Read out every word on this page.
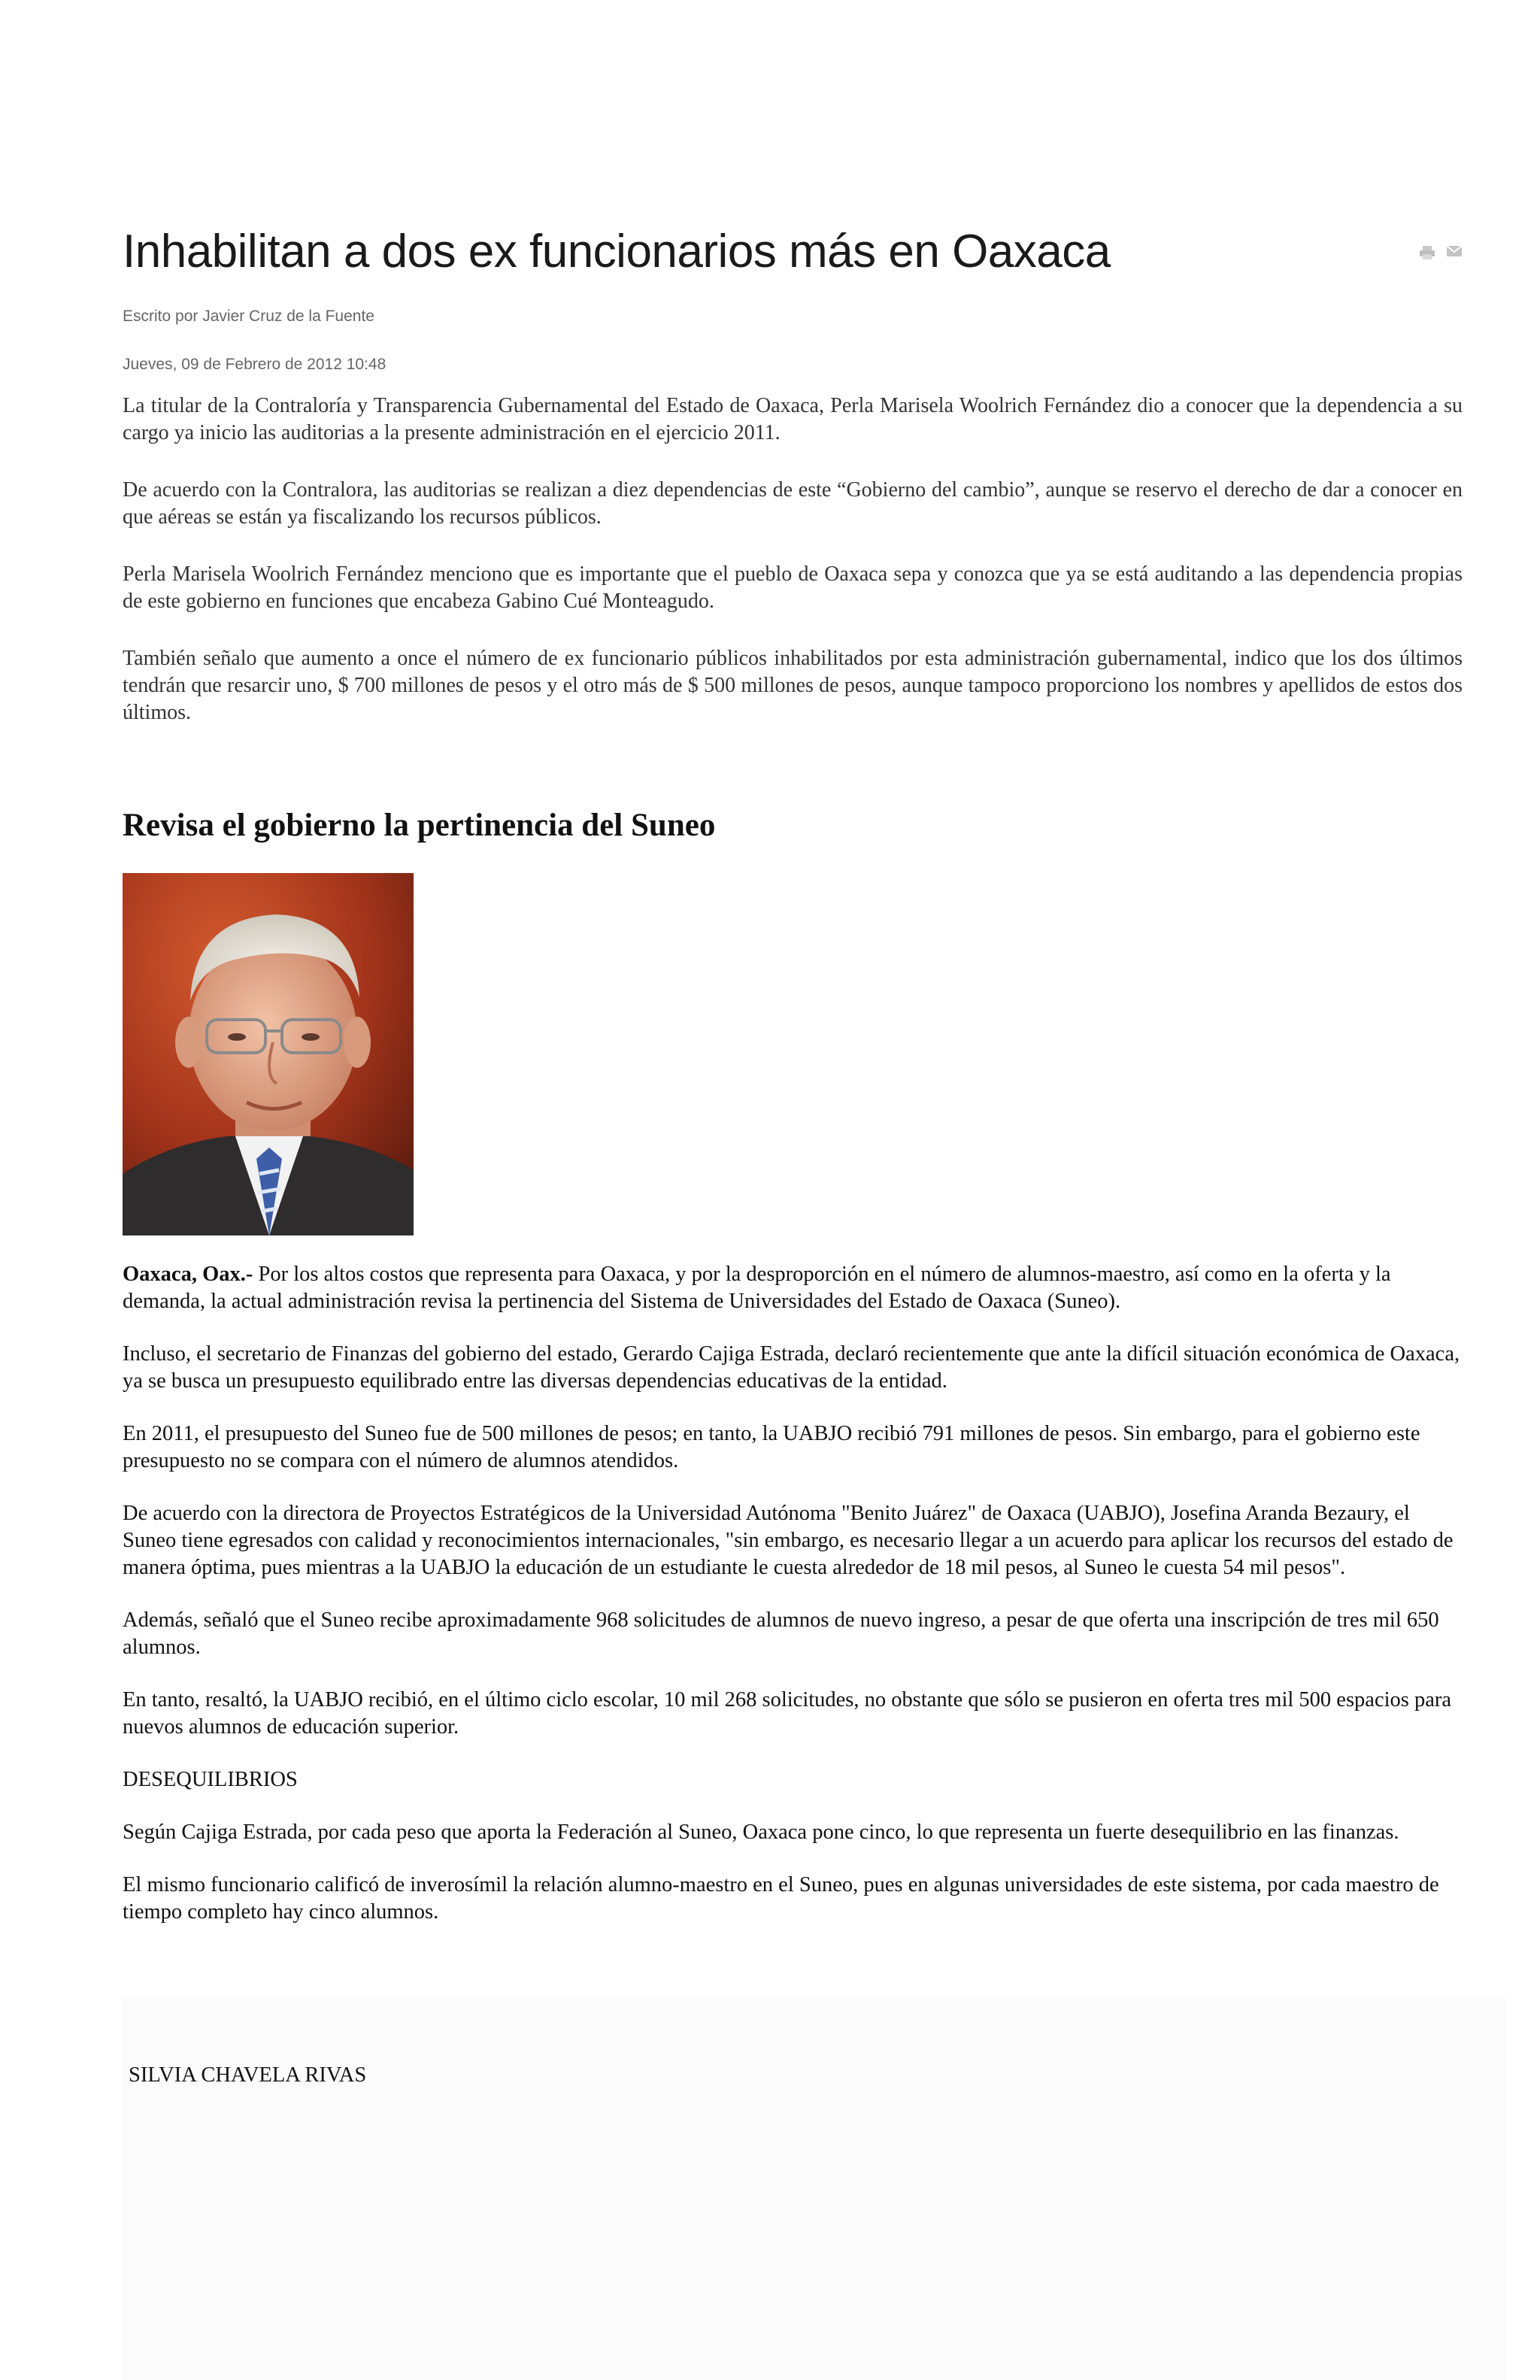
Inhabilitan a dos ex funcionarios más en Oaxaca
Escrito por Javier Cruz de la Fuente
Jueves, 09 de Febrero de 2012 10:48

La titular de la Contraloría y Transparencia Gubernamental del Estado de Oaxaca, Perla Marisela Woolrich Fernández dio a conocer que la dependencia a su cargo ya inicio las auditorias a la presente administración en el ejercicio 2011.

De acuerdo con la Contralora, las auditorias se realizan a diez dependencias de este “Gobierno del cambio”, aunque se reservo el derecho de dar a conocer en que aéreas se están ya fiscalizando los recursos públicos.

Perla Marisela Woolrich Fernández menciono que es importante que el pueblo de Oaxaca sepa y conozca que ya se está auditando a las dependencia propias de este gobierno en funciones que encabeza Gabino Cué Monteagudo.

También señalo que aumento a once el número de ex funcionario públicos inhabilitados por esta administración gubernamental, indico que los dos últimos tendrán que resarcir uno, $ 700 millones de pesos y el otro más de $ 500 millones de pesos, aunque tampoco proporciono los nombres y apellidos de estos dos últimos.

Revisa el gobierno la pertinencia del Suneo

Oaxaca, Oax.- Por los altos costos que representa para Oaxaca, y por la desproporción en el número de alumnos-maestro, así como en la oferta y la demanda, la actual administración revisa la pertinencia del Sistema de Universidades del Estado de Oaxaca (Suneo).

Incluso, el secretario de Finanzas del gobierno del estado, Gerardo Cajiga Estrada, declaró recientemente que ante la difícil situación económica de Oaxaca, ya se busca un presupuesto equilibrado entre las diversas dependencias educativas de la entidad.

En 2011, el presupuesto del Suneo fue de 500 millones de pesos; en tanto, la UABJO recibió 791 millones de pesos. Sin embargo, para el gobierno este presupuesto no se compara con el número de alumnos atendidos.

De acuerdo con la directora de Proyectos Estratégicos de la Universidad Autónoma "Benito Juárez" de Oaxaca (UABJO), Josefina Aranda Bezaury, el Suneo tiene egresados con calidad y reconocimientos internacionales, "sin embargo, es necesario llegar a un acuerdo para aplicar los recursos del estado de manera óptima, pues mientras a la UABJO la educación de un estudiante le cuesta alrededor de 18 mil pesos, al Suneo le cuesta 54 mil pesos".

Además, señaló que el Suneo recibe aproximadamente 968 solicitudes de alumnos de nuevo ingreso, a pesar de que oferta una inscripción de tres mil 650 alumnos.

En tanto, resaltó, la UABJO recibió, en el último ciclo escolar, 10 mil 268 solicitudes, no obstante que sólo se pusieron en oferta tres mil 500 espacios para nuevos alumnos de educación superior.

DESEQUILIBRIOS

Según Cajiga Estrada, por cada peso que aporta la Federación al Suneo, Oaxaca pone cinco, lo que representa un fuerte desequilibrio en las finanzas.

El mismo funcionario calificó de inverosímil la relación alumno-maestro en el Suneo, pues en algunas universidades de este sistema, por cada maestro de tiempo completo hay cinco alumnos.

SILVIA CHAVELA RIVAS
